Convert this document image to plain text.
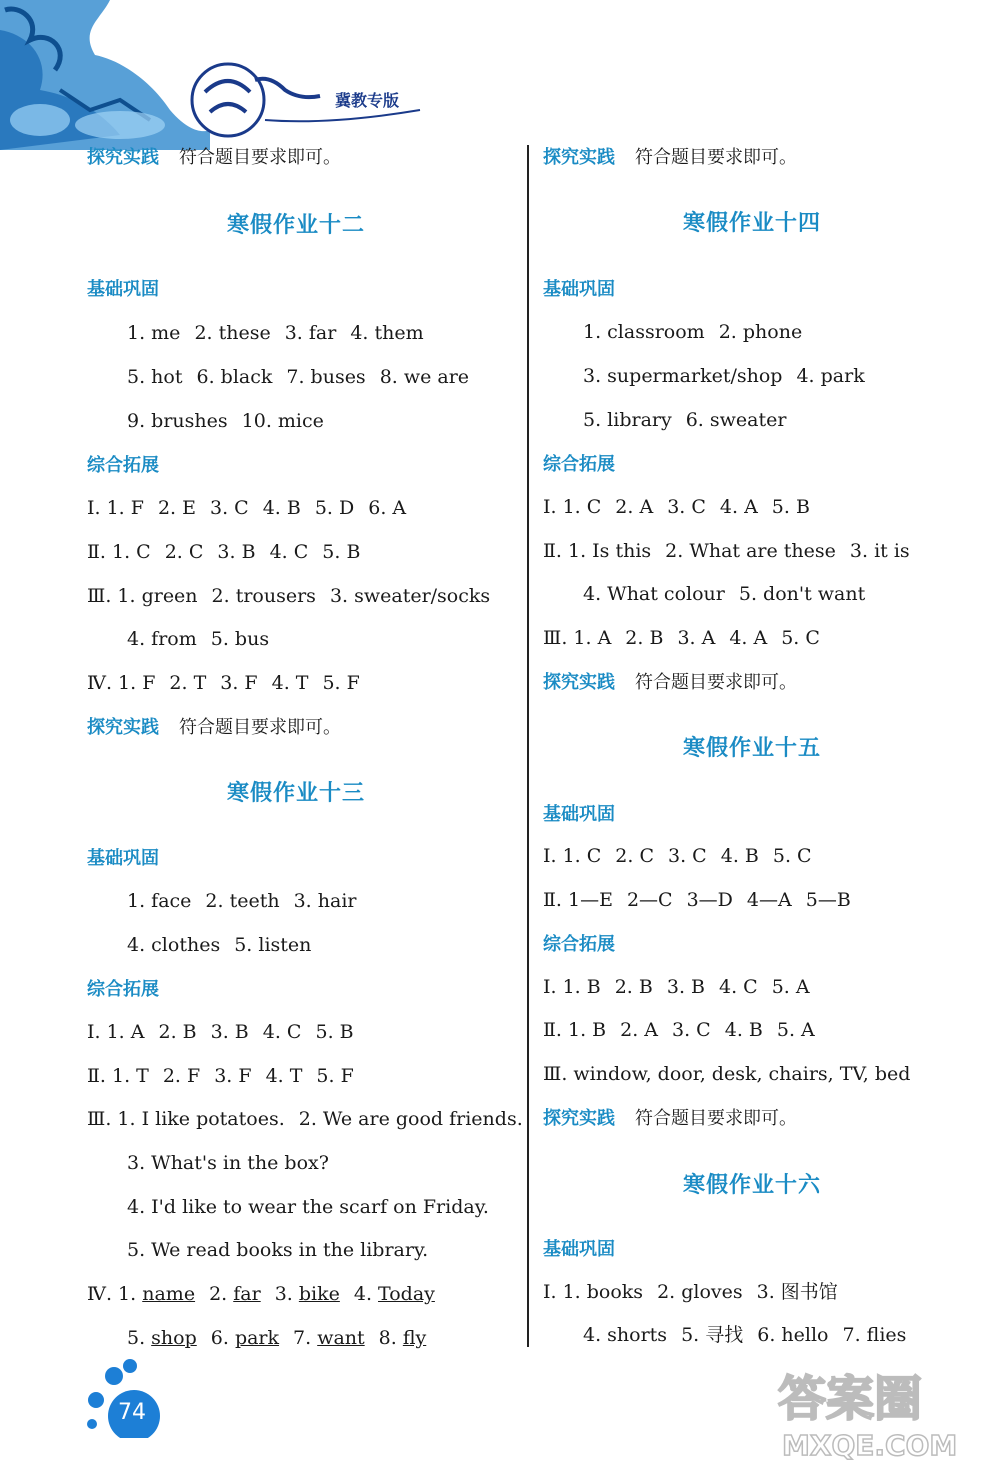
冀教专版
探究实践 符合题目要求即可。
寒假作业十二
基础巩固
1. me 2. these 3. far 4. them
5. hot 6. black 7. buses 8. we are
9. brushes 10. mice
综合拓展
Ⅰ. 1. F 2. E 3. C 4. B 5. D 6. A
Ⅱ. 1. C 2. C 3. B 4. C 5. B
Ⅲ. 1. green 2. trousers 3. sweater/socks
4. from 5. bus
Ⅳ. 1. F 2. T 3. F 4. T 5. F
探究实践 符合题目要求即可。
寒假作业十三
基础巩固
1. face 2. teeth 3. hair
4. clothes 5. listen
综合拓展
Ⅰ. 1. A 2. B 3. B 4. C 5. B
Ⅱ. 1. T 2. F 3. F 4. T 5. F
Ⅲ. 1. I like potatoes. 2. We are good friends.
3. What's in the box?
4. I'd like to wear the scarf on Friday.
5. We read books in the library.
Ⅳ. 1. name 2. far 3. bike 4. Today
5. shop 6. park 7. want 8. fly
探究实践 符合题目要求即可。
寒假作业十四
基础巩固
1. classroom 2. phone
3. supermarket/shop 4. park
5. library 6. sweater
综合拓展
Ⅰ. 1. C 2. A 3. C 4. A 5. B
Ⅱ. 1. Is this 2. What are these 3. it is
4. What colour 5. don't want
Ⅲ. 1. A 2. B 3. A 4. A 5. C
探究实践 符合题目要求即可。
寒假作业十五
基础巩固
Ⅰ. 1. C 2. C 3. C 4. B 5. C
Ⅱ. 1—E 2—C 3—D 4—A 5—B
综合拓展
Ⅰ. 1. B 2. B 3. B 4. C 5. A
Ⅱ. 1. B 2. A 3. C 4. B 5. A
Ⅲ. window, door, desk, chairs, TV, bed
探究实践 符合题目要求即可。
寒假作业十六
基础巩固
Ⅰ. 1. books 2. gloves 3. 图书馆
4. shorts 5. 寻找 6. hello 7. flies
74	答案圈
MXQE.COM
